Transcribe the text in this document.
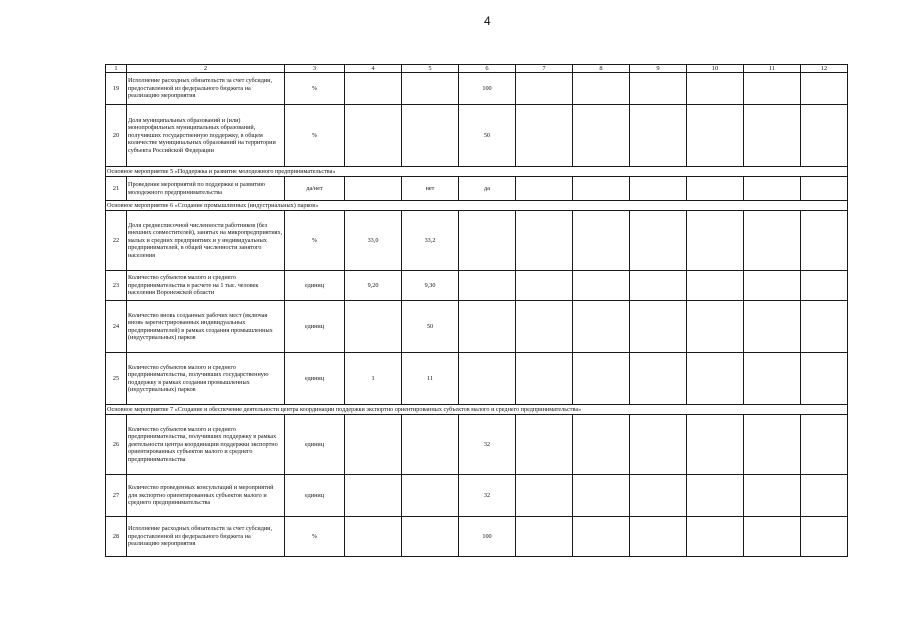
4
1	2	3	4	5	6	7	8	9	10	11	12
19	Исполнение расходных обязательств за счет субсидии, предоставленной из федерального бюджета на реализацию мероприятия	%			100						
20	Доля муниципальных образований и (или) монопрофильных муниципальных образований, получивших государственную поддержку, в общем количестве муниципальных образований на территории субъекта Российской Федерации	%			50						
Основное мероприятие 5 «Поддержка и развитие молодежного предпринимательства»											
21	Проведение мероприятий по поддержке и развитию молодежного предпринимательства	да/нет		нет	да						
Основное мероприятие 6 «Создание промышленных (индустриальных) парков»											
22	Доля среднесписочной численности работников (без внешних совместителей), занятых на микропредприятиях, малых и средних предприятиях и у индивидуальных предпринимателей, в общей численности занятого населения	%	33,0	33,2							
23	Количество субъектов малого и среднего предпринимательства в расчете на 1 тыс. человек населения Воронежской области	единиц	9,20	9,30							
24	Количество вновь созданных рабочих мест (включая вновь зарегистрированных индивидуальных предпринимателей) в рамках создания промышленных (индустриальных) парков	единиц		50							
25	Количество субъектов малого и среднего предпринимательства, получивших государственную поддержку в рамках создания промышленных (индустриальных) парков	единиц	1	11							
Основное мероприятие 7 «Создание и обеспечение деятельности центра координации поддержки экспортно ориентированных субъектов малого и среднего предпринимательства»											
26	Количество субъектов малого и среднего предпринимательства, получивших поддержку в рамках деятельности центра координации поддержки экспортно ориентированных субъектов малого и среднего предпринимательства	единиц			32						
27	Количество проведенных консультаций и мероприятий для экспортно ориентированных субъектов малого и среднего предпринимательства	единиц			32						
28	Исполнение расходных обязательств за счет субсидии, предоставленной из федерального бюджета на реализацию мероприятия	%			100						
